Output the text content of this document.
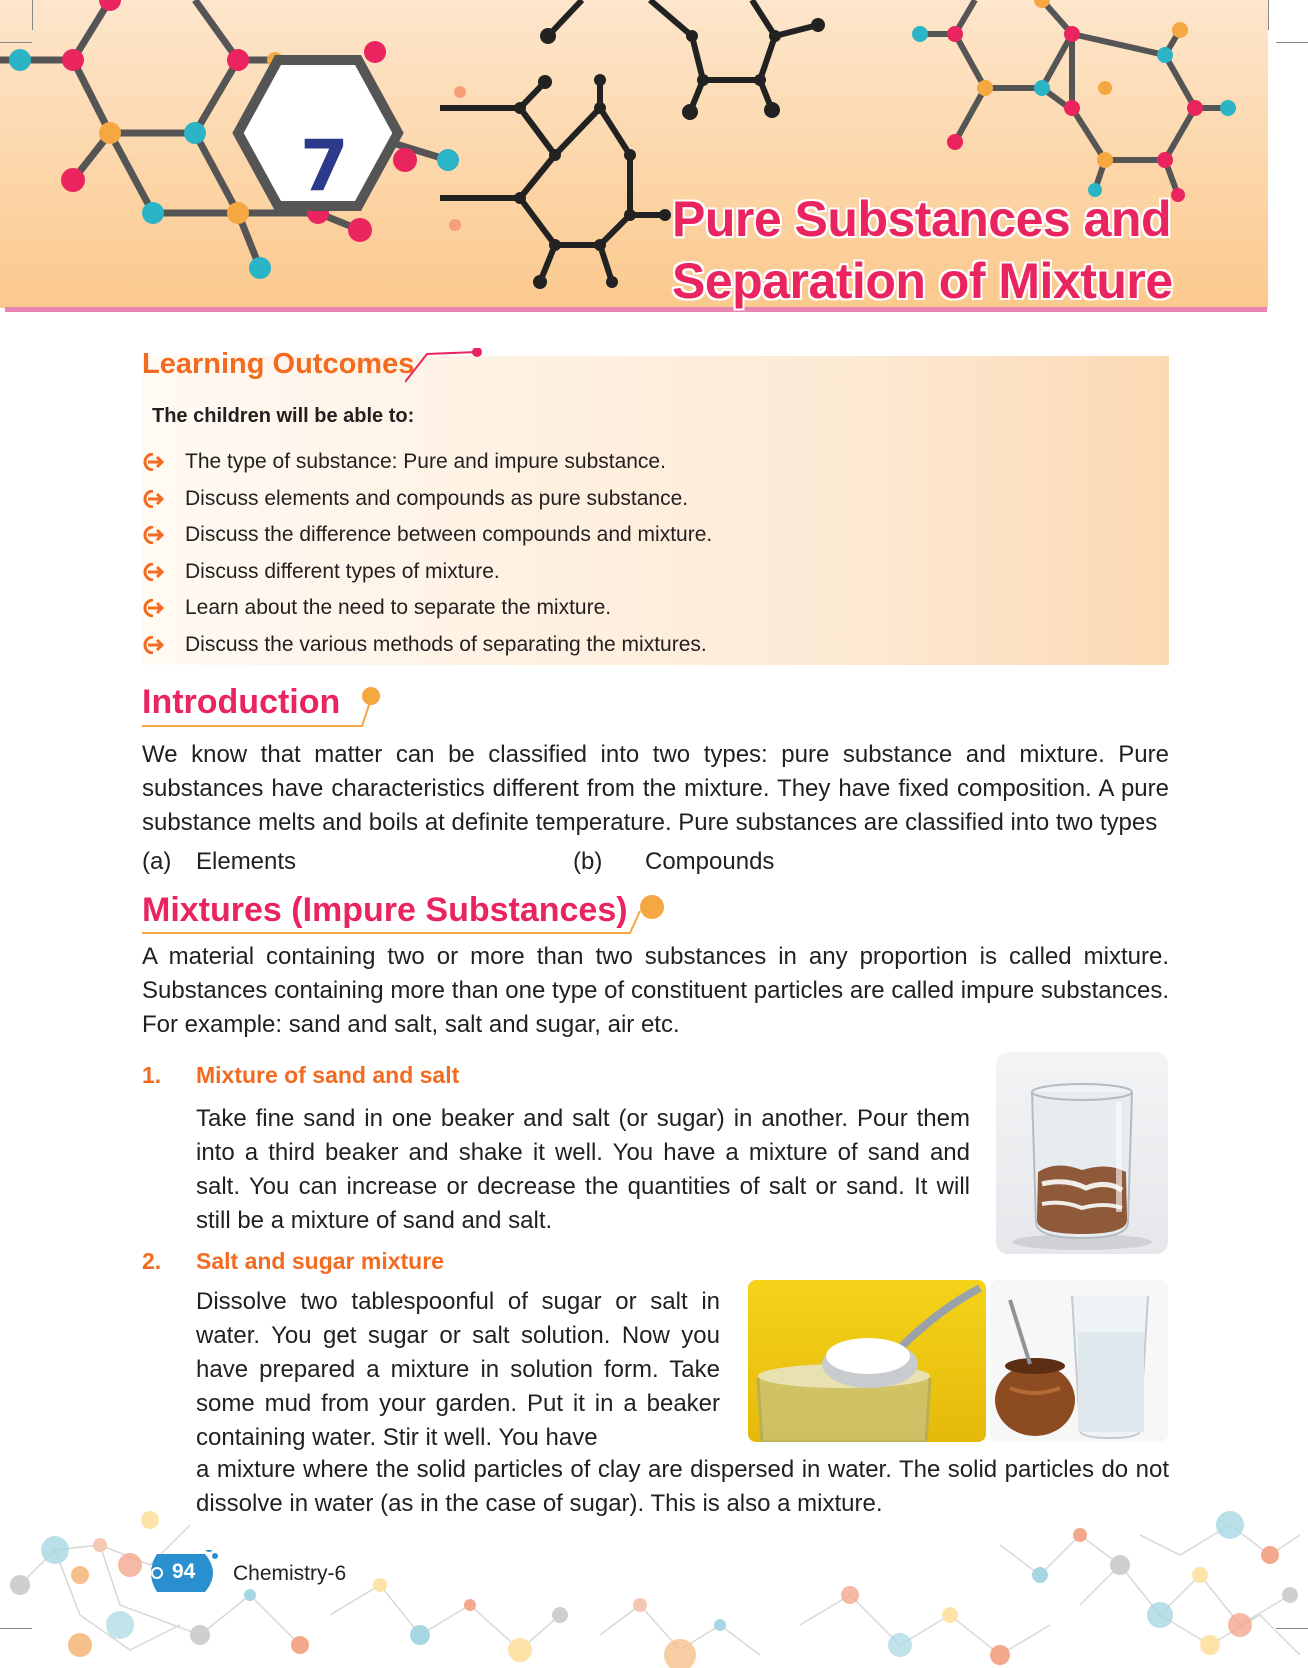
7
Pure Substances and
Separation of Mixture
Learning Outcomes
The children will be able to:
The type of substance: Pure and impure substance.
Discuss elements and compounds as pure substance.
Discuss the difference between compounds and mixture.
Discuss different types of mixture.
Learn about the need to separate the mixture.
Discuss the various methods of separating the mixtures.
Introduction

We know that matter can be classified into two types: pure substance and mixture. Pure substances have characteristics different from the mixture. They have fixed composition. A pure substance melts and boils at definite temperature. Pure substances are classified into two types

(a) Elements	(b) Compounds
Mixtures (Impure Substances)

A material containing two or more than two substances in any proportion is called mixture. Substances containing more than one type of constituent particles are called impure substances. For example: sand and salt, salt and sugar, air etc.

1. Mixture of sand and salt

Take fine sand in one beaker and salt (or sugar) in another. Pour them into a third beaker and shake it well. You have a mixture of sand and salt. You can increase or decrease the quantities of salt or sand. It will still be a mixture of sand and salt.

2. Salt and sugar mixture

Dissolve two tablespoonful of sugar or salt in water. You get sugar or salt solution. Now you have prepared a mixture in solution form. Take some mud from your garden. Put it in a beaker containing water. Stir it well. You have

a mixture where the solid particles of clay are dispersed in water. The solid particles do not dissolve in water (as in the case of sugar). This is also a mixture.

94 Chemistry-6
